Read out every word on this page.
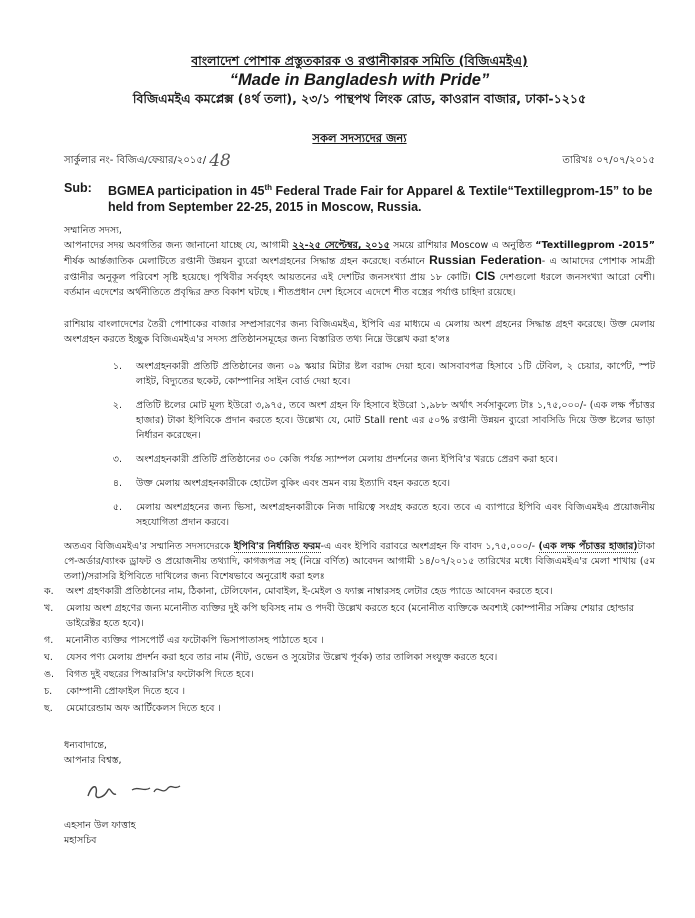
বাংলাদেশ পোশাক প্রস্তুতকারক ও রপ্তানীকারক সমিতি (বিজিএমইএ)

“Made in Bangladesh with Pride”

বিজিএমইএ কমপ্লেক্স (৪র্থ তলা), ২৩/১ পান্থপথ লিংক রোড, কাওরান বাজার, ঢাকা-১২১৫

সকল সদস্যদের জন্য

সার্কুলার নং- বিজিএ/ফেয়ার/২০১৫/ 48	তারিখঃ ০৭/০৭/২০১৫
Sub:	BGMEA participation in 45th Federal Trade Fair for Apparel & Textile“Textillegprom-15” to be held from September 22-25, 2015 in Moscow, Russia.
সম্মানিত সদস্য,

আপনাদের সদয় অবগতির জন্য জানানো যাচ্ছে যে, আগামী ২২-২৫ সেপ্টেম্বর, ২০১৫ সময়ে রাশিয়ার Moscow এ অনুষ্ঠিত “Textillegprom -2015” শীর্ষক আর্ন্তজাতিক মেলাটিতে রপ্তানী উন্নয়ন ব্যুরো অংশগ্রহনের সিদ্ধান্ত গ্রহন করেছে। বর্তমানে Russian Federation- এ আমাদের পোশাক সামগ্রী রপ্তানীর অনুকূল পরিবেশ সৃষ্টি হয়েছে। পৃথিবীর সর্ববৃহৎ আয়তনের এই দেশটির জনসংখ্যা প্রায় ১৮ কোটি। CIS দেশগুলো ধরলে জনসংখ্যা আরো বেশী। বর্তমান এদেশের অর্থনীতিতে প্রবৃদ্ধির দ্রুত বিকাশ ঘটছে । শীতপ্রধান দেশ হিসেবে এদেশে শীত বস্ত্রের পর্যাপ্ত চাহিদা রয়েছে।

রাশিয়ায় বাংলাদেশের তৈরী পোশাকের বাজার সম্প্রসারণের জন্য বিজিএমইএ, ইপিবি এর মাধ্যমে এ মেলায় অংশ গ্রহনের সিদ্ধান্ত গ্রহণ করেছে। উক্ত মেলায় অংশগ্রহন করতে ইচ্ছুক বিজিএমইএ'র সদস্য প্রতিষ্ঠানসমূহের জন্য বিস্তারিত তথ্য নিম্নে উল্লেখ করা হ'লঃ

১.	অংশগ্রহনকারী প্রতিটি প্রতিষ্ঠানের জন্য ০৯ স্কয়ার মিটার ষ্টল বরাদ্দ দেয়া হবে। আসবাবপত্র হিসাবে ১টি টেবিল, ২ চেয়ার, কার্পেট, স্পট লাইট, বিদ্যুতের ছকেট, কোম্পানির সাইন বোর্ড দেয়া হবে।
২.	প্রতিটি ষ্টলের মোট মূল্য ইউরো ৩,৯৭৫, তবে অংশ গ্রহন ফি হিসাবে ইউরো ১,৯৮৮ অর্থাৎ সর্বসাকুল্যে টাঃ ১,৭৫,০০০/- (এক লক্ষ পঁচাত্তর হাজার) টাকা ইপিবিকে প্রদান করতে হবে। উল্লেখ্য যে, মোট Stall rent এর ৫০% রপ্তানী উন্নয়ন ব্যুরো সাবসিডি দিয়ে উক্ত ষ্টলের ভাড়া নির্ধারন করেছেন।
৩.	অংশগ্রহনকারী প্রতিটি প্রতিষ্ঠানের ৩০ কেজি পর্যন্ত স্যাম্পল মেলায় প্রদর্শনের জন্য ইপিবি'র খরচে প্রেরণ করা হবে।
৪.	উক্ত মেলায় অংশগ্রহনকারীকে হোটেল বুকিং এবং ভ্রমন ব্যয় ইত্যাদি বহন করতে হবে।
৫.	মেলায় অংশগ্রহনের জন্য ভিসা, অংশগ্রহনকারীকে নিজ দায়িত্বে সংগ্রহ করতে হবে। তবে এ ব্যাপারে ইপিবি এবং বিজিএমইএ প্রয়োজনীয় সহযোগিতা প্রদান করবে।

অতএব বিজিএমইএ'র সম্মানিত সদস্যদেরকে ইপিবি'র নির্ধারিত ফরম-এ এবং ইপিবি বরাবরে অংশগ্রহন ফি বাবদ ১,৭৫,০০০/- (এক লক্ষ পঁচাত্তর হাজার)টাকা পে-অর্ডার/ব্যাংক ড্রাফট ও প্রয়োজনীয় তথ্যাদি, কাগজপত্র সহ (নিম্নে বর্ণিত) আবেদন আগামী ১৪/০৭/২০১৫ তারিখের মধ্যে বিজিএমইএ'র মেলা শাখায় (৫ম তলা)/সরাসরি ইপিবিতে দাখিলের জন্য বিশেষভাবে অনুরোধ করা হলঃ

ক.	অংশ গ্রহণকারী প্রতিষ্ঠানের নাম, ঠিকানা, টেলিফোন, মোবাইল, ই-মেইল ও ফ্যাক্স নাম্বারসহ লেটার হেড প্যাডে আবেদন করতে হবে।
খ.	মেলায় অংশ গ্রহণের জন্য মনোনীত ব্যক্তির দুই কপি ছবিসহ নাম ও পদবী উল্লেখ করতে হবে (মনোনীত ব্যক্তিকে অবশ্যই কোম্পানীর সক্রিয় শেয়ার হোল্ডার ডাইরেক্টর হতে হবে)।
গ.	মনোনীত ব্যক্তির পাসপোর্ট এর ফটোকপি ভিসাপাতাসহ পাঠাতে হবে ।
ঘ.	যেসব পণ্য মেলায় প্রদর্শন করা হবে তার নাম (নীট, ওভেন ও সুয়েটার উল্লেখ পূর্বক) তার তালিকা সংযুক্ত করতে হবে।
ঙ.	বিগত দুই বছরের পিআরসি'র ফটোকপি দিতে হবে।
চ.	কোম্পানী প্রোফাইল দিতে হবে ।
ছ.	মেমোরেন্ডাম অফ আর্টিকেলস দিতে হবে ।
ধন্যবাদান্তে,
আপনার বিশ্বস্ত,
এহসান উল ফাত্তাহ
মহাসচিব
